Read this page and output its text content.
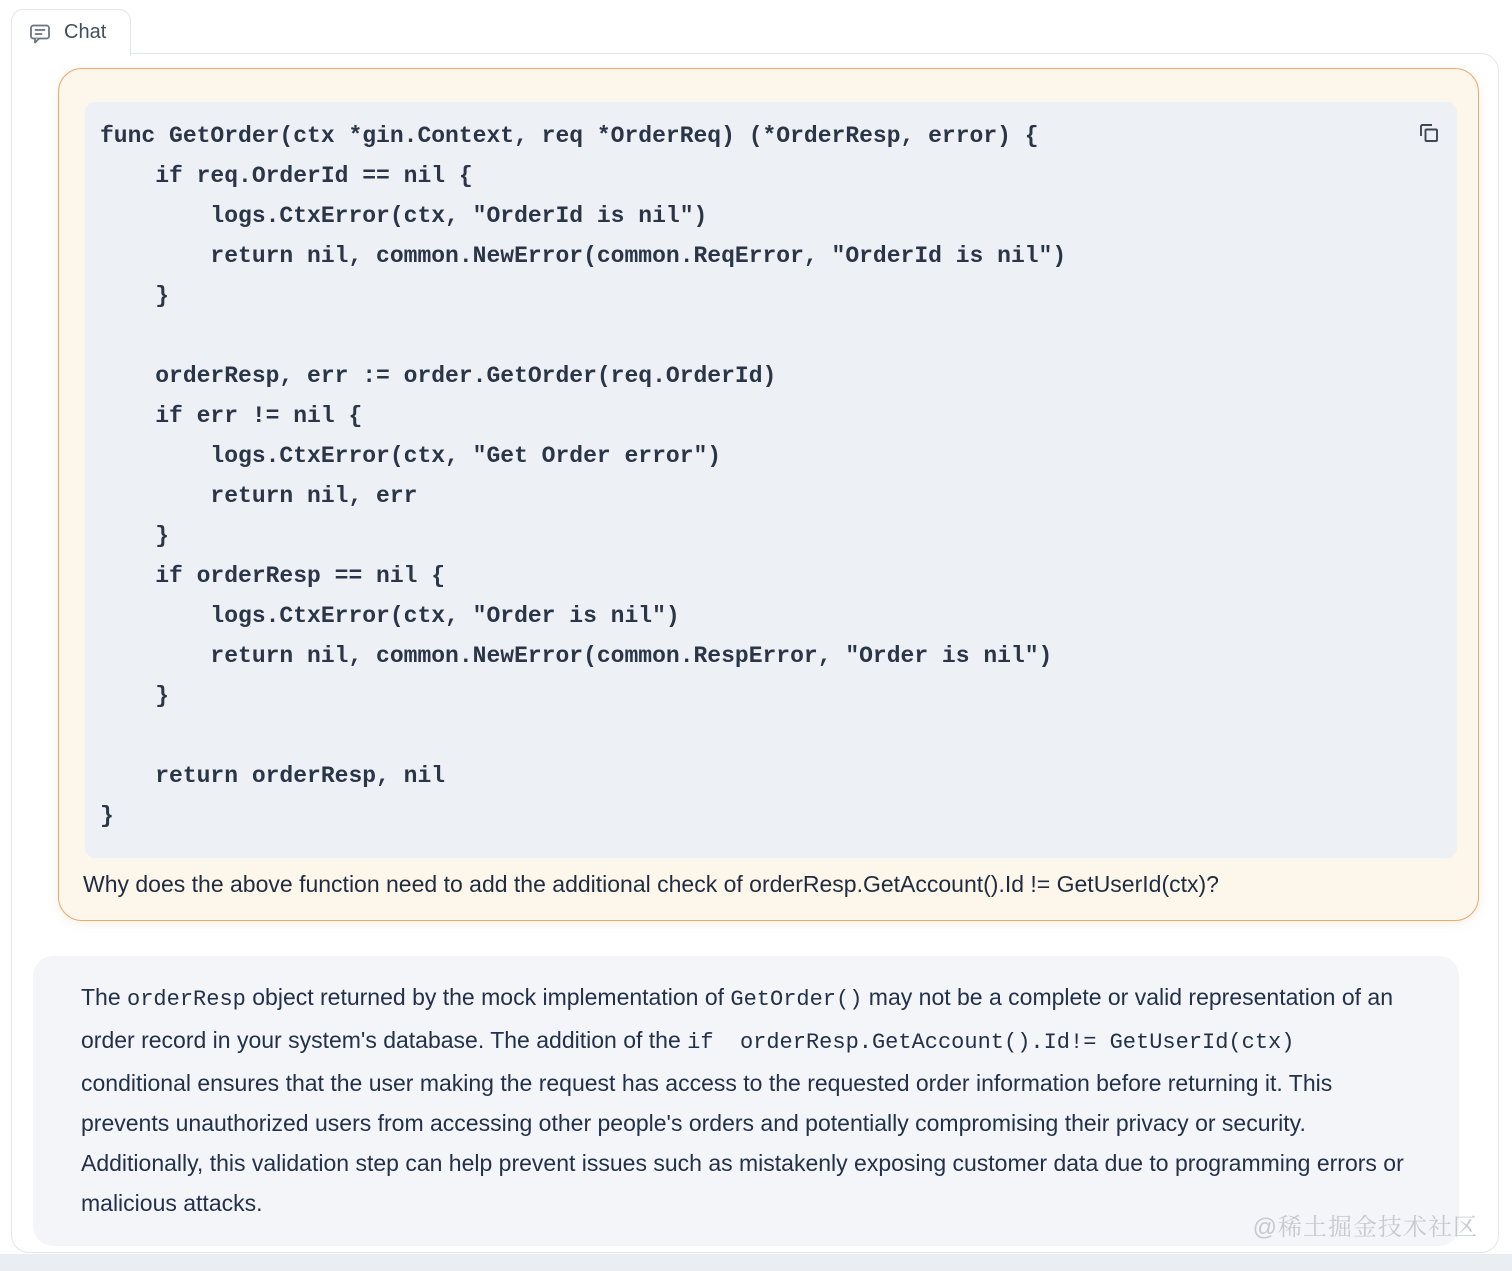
Chat
func GetOrder(ctx *gin.Context, req *OrderReq) (*OrderResp, error) {
if req.OrderId == nil {
logs.CtxError(ctx, "OrderId is nil")
return nil, common.NewError(common.ReqError, "OrderId is nil")
}

orderResp, err := order.GetOrder(req.OrderId)
if err != nil {
logs.CtxError(ctx, "Get Order error")
return nil, err
}
if orderResp == nil {
logs.CtxError(ctx, "Order is nil")
return nil, common.NewError(common.RespError, "Order is nil")
}

return orderResp, nil
}
Why does the above function need to add the additional check of orderResp.GetAccount().Id != GetUserId(ctx)?

The orderResp object returned by the mock implementation of GetOrder() may not be a complete or valid representation of an order record in your system's database. The addition of the if  orderResp.GetAccount().Id!= GetUserId(ctx) conditional ensures that the user making the request has access to the requested order information before returning it. This prevents unauthorized users from accessing other people's orders and potentially compromising their privacy or security. Additionally, this validation step can help prevent issues such as mistakenly exposing customer data due to programming errors or malicious attacks.

@稀土掘金技术社区
